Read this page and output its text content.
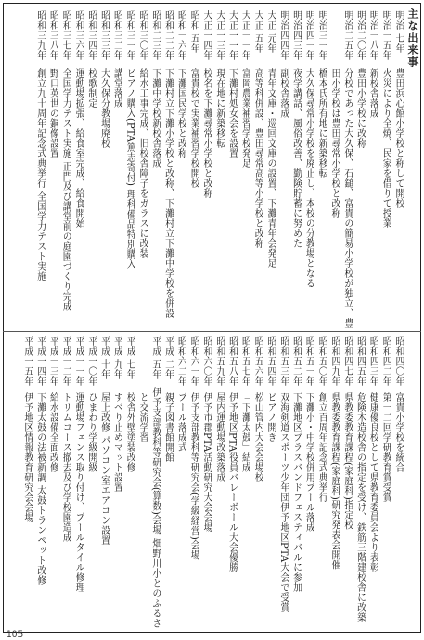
主な出来事
明治 七年
豊田浜心館小学校と称して開校
明治一五年
火災により全焼、民家を借りて授業
明治一八年
新校舎落成
明治二〇年
豊田小学校に改称
明治二五年
分校であった大久保、石鎚、富貴の簡易小学校が独立、豊
田小学校は豊田尋常小学校と改称
明治三一年
橋本氏所有地に新築移転
明治四一年
大久保尋常小学校を廃止し、本校の分教場となる
明治四三年
夜学講話、風俗改善、勤険貯蓄に努めた
明治四四年
副校舎落成
大正 元年
青年文庫・巡回文庫の設置、下灘青年会発足
大正 五年
高等科併設、豊田尋常高等小学校と改称
大正一一年
富岡農業補習学校発足
大正一一年
下灘村処女会を設置
大正一三年
現在地に新築移転
大正一四年
校名を下灘尋常小学校と改称
昭和 五年
富貴校で実業補習学校開校
昭和一六年
下灘国民学校と改称
昭和二二年
下灘村立下灘小学校と改称、下灘村立下灘中学校を併設
昭和二三年
下灘中学校新校舎落成
昭和三〇年
給水工事完成、旧校舎障子をガラスに改装
昭和三一年
ピアノ購入(PTA篤志寄付) 理科備品特別購入
昭和三二年
講堂落成
昭和三三年
大久保分教場廃校
昭和三四年
校歌制定
昭和三六年
運動場拡張、給食室完成、給食開始
昭和三七年
全国学力テスト実施 正門及び講堂前の庭園づくり完成
昭和三八年
野口英世の銅像設置
昭和三九年
創立九十周年記念式典挙行 全国学力テスト実施
昭和四〇年
富貴小学校を統合
昭和四二年
第一二回学研教育賞受賞
昭和四三年
健康優良校として県教育委員会より表彰
昭和四五年
危険木造校舎の指定を受け、鉄筋三階建校舎に改築
昭和四七年
県教委教育課程(家庭科)指定校
昭和四九年
県教委教育課程(家庭科)研究発表会開催
昭和五〇年
創立百周年記念式典挙行
昭和五一年
下灘小・中学校併用プール落成
昭和五二年
下灘地区ブラスバンドフェスティバルに参加
昭和五三年
双海剣道スポーツ少年団伊予地区PTA大会で受賞
昭和五四年
ピアノ開き
昭和五六年
松山管内大会会場校
昭和五七年
「下灘太鼓」結成
昭和五八年
伊予地区PTA役員バレーボール大会優勝
昭和五九年
屋内運動場改築落成
昭和六〇年
伊予市郡PTA活動研究大会会場
昭和六一年
伊予支部教科等研究会(学級経営)会場
昭和六二年
プール落成式
平成 二年
親子図書館開館
平成 五年
伊予支部教科等研究会(算数)会場 畑野川小とのふるさ
と交流学習
平成 七年
校舎外壁塗装改修
平成 九年
すべり止めマット設置
平成 十年
屋上改修 パソコン室エアコン設置
平成一〇年
ひまわり学級開級
平成一一年
運動場フェンス取り付け、プールタイル修理
平成一二年
トリムコース撤去及び学校園造成
平成一三年
給水設備全面改修
平成一四年
下灘太鼓の法被新調 太鼓トランペット改修
平成一五年
伊予地区情報教育研究会会場
105
